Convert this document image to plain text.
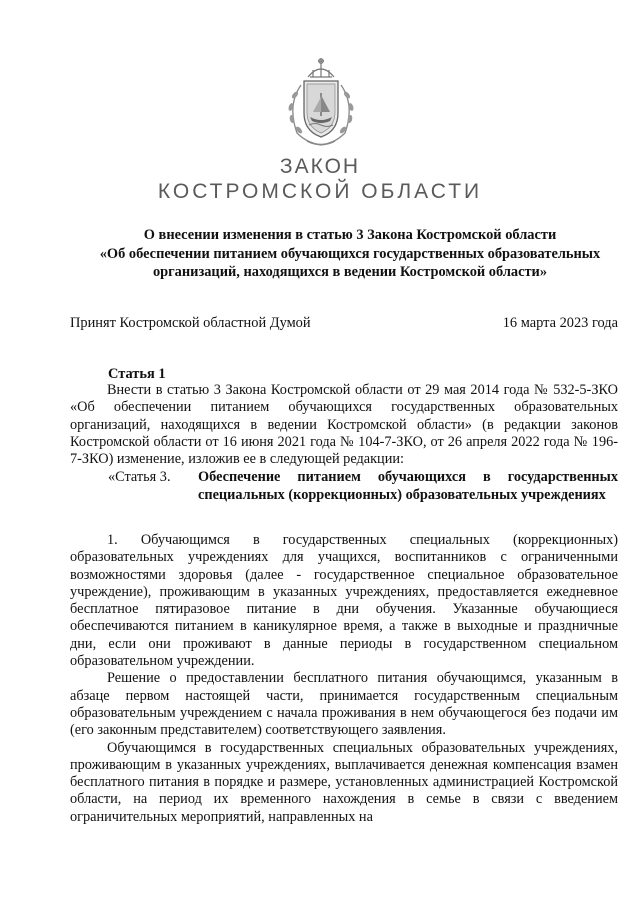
ЗАКОН
КОСТРОМСКОЙ ОБЛАСТИ
О внесении изменения в статью 3 Закона Костромской области
«Об обеспечении питанием обучающихся государственных образовательных
организаций, находящихся в ведении Костромской области»
Принят Костромской областной Думой	16 марта 2023 года
Статья 1

Внести в статью 3 Закона Костромской области от 29 мая 2014 года № 532-5-ЗКО «Об обеспечении питанием обучающихся государственных образовательных организаций, находящихся в ведении Костромской области» (в редакции законов Костромской области от 16 июня 2021 года № 104-7-ЗКО, от 26 апреля 2022 года № 196-7-ЗКО) изменение, изложив ее в следующей редакции:

«Статья 3. Обеспечение питанием обучающихся в государственных специальных (коррекционных) образовательных учреждениях

1. Обучающимся в государственных специальных (коррекционных) образовательных учреждениях для учащихся, воспитанников с ограниченными возможностями здоровья (далее - государственное специальное образовательное учреждение), проживающим в указанных учреждениях, предоставляется ежедневное бесплатное пятиразовое питание в дни обучения. Указанные обучающиеся обеспечиваются питанием в каникулярное время, а также в выходные и праздничные дни, если они проживают в данные периоды в государственном специальном образовательном учреждении.

Решение о предоставлении бесплатного питания обучающимся, указанным в абзаце первом настоящей части, принимается государственным специальным образовательным учреждением с начала проживания в нем обучающегося без подачи им (его законным представителем) соответствующего заявления.

Обучающимся в государственных специальных образовательных учреждениях, проживающим в указанных учреждениях, выплачивается денежная компенсация взамен бесплатного питания в порядке и размере, установленных администрацией Костромской области, на период их временного нахождения в семье в связи с введением ограничительных мероприятий, направленных на
